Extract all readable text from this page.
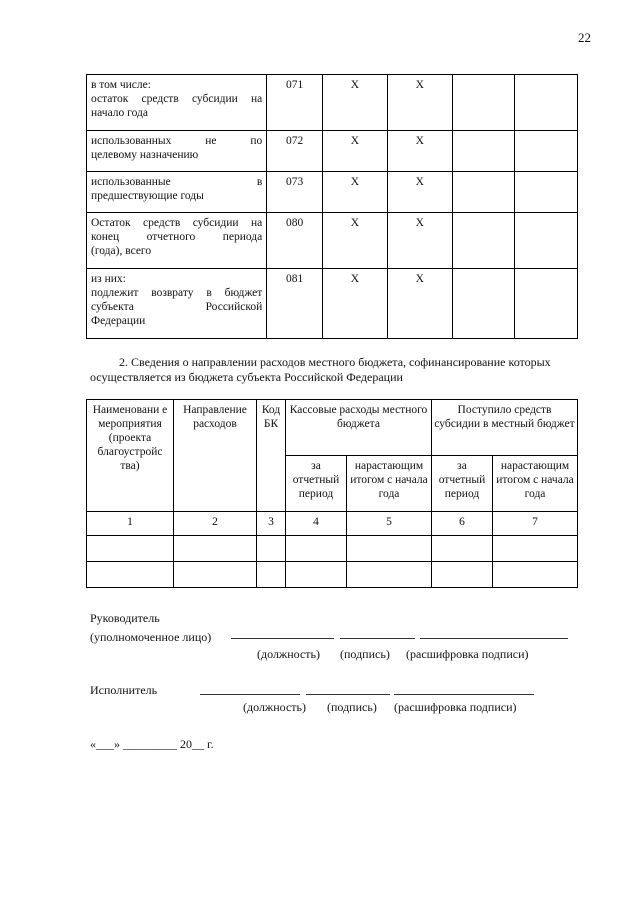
22
в том числе:

остаток средств субсидии на
начало года	071	X	X		

использованных не по
целевому назначению	072	X	X		

использованные в
предшествующие годы	073	X	X		

Остаток средств субсидии на
конец отчетного периода
(года), всего	080	X	X		
из них:

подлежит возврату в бюджет
субъекта Российской
Федерации	081	X	X		
2. Сведения о направлении расходов местного бюджета, софинансирование которых осуществляется из бюджета субъекта Российской Федерации
Наименовани е мероприятия (проекта благоустройс тва)	Направление расходов	Код БК	Кассовые расходы местного бюджета		Поступило средств субсидии в местный бюджет	
			за отчетный период	нарастающим итогом с начала года	за отчетный период	нарастающим итогом с начала года
1	2	3	4	5	6	7

Руководитель
(уполномоченное лицо)
(должность) (подпись) (расшифровка подписи)
Исполнитель
(должность) (подпись) (расшифровка подписи)
«___» _________ 20__ г.
